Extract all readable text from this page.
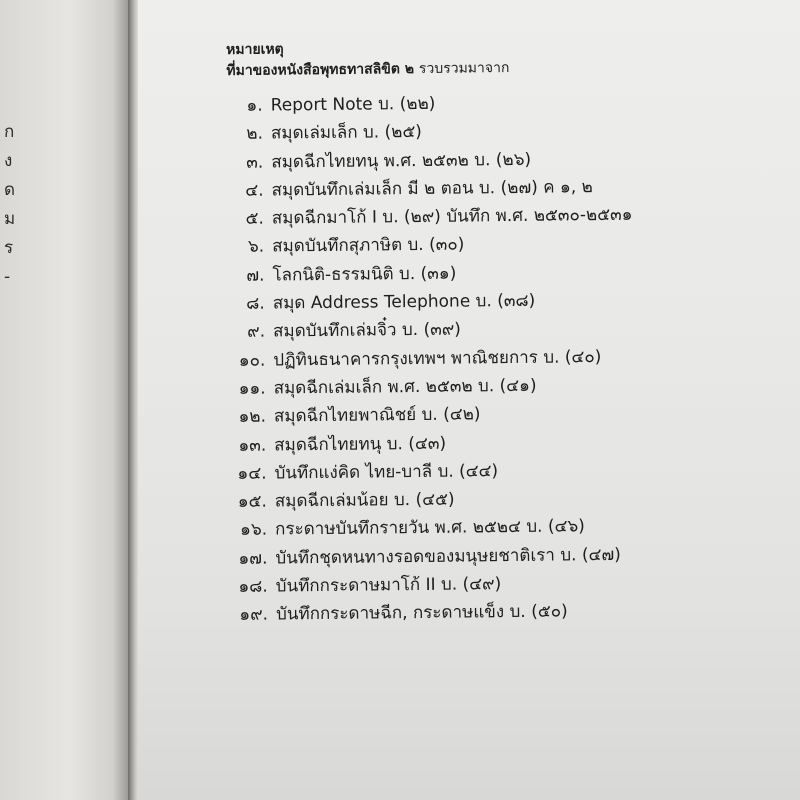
ก
ง
ด
ม
ร
-
หมายเหตุ
ที่มาของหนังสือพุทธทาสลิขิต ๒ รวบรวมมาจาก
๑. Report Note บ. (๒๒)
๒. สมุดเล่มเล็ก บ. (๒๕)
๓. สมุดฉีกไทยทนุ พ.ศ. ๒๕๓๒ บ. (๒๖)
๔. สมุดบันทึกเล่มเล็ก มี ๒ ตอน บ. (๒๗) ค ๑, ๒
๕. สมุดฉีกมาโก้ I บ. (๒๙) บันทึก พ.ศ. ๒๕๓๐-๒๕๓๑
๖. สมุดบันทึกสุภาษิต บ. (๓๐)
๗. โลกนิติ-ธรรมนิติ บ. (๓๑)
๘. สมุด Address Telephone บ. (๓๘)
๙. สมุดบันทึกเล่มจิ๋ว บ. (๓๙)
๑๐. ปฏิทินธนาคารกรุงเทพฯ พาณิชยการ บ. (๔๐)
๑๑. สมุดฉีกเล่มเล็ก พ.ศ. ๒๕๓๒ บ. (๔๑)
๑๒. สมุดฉีกไทยพาณิชย์ บ. (๔๒)
๑๓. สมุดฉีกไทยทนุ บ. (๔๓)
๑๔. บันทึกแง่คิด ไทย-บาลี บ. (๔๔)
๑๕. สมุดฉีกเล่มน้อย บ. (๔๕)
๑๖. กระดาษบันทึกรายวัน พ.ศ. ๒๕๒๔ บ. (๔๖)
๑๗. บันทึกชุดหนทางรอดของมนุษยชาติเรา บ. (๔๗)
๑๘. บันทึกกระดาษมาโก้ II บ. (๔๙)
๑๙. บันทึกกระดาษฉีก, กระดาษแข็ง บ. (๕๐)
